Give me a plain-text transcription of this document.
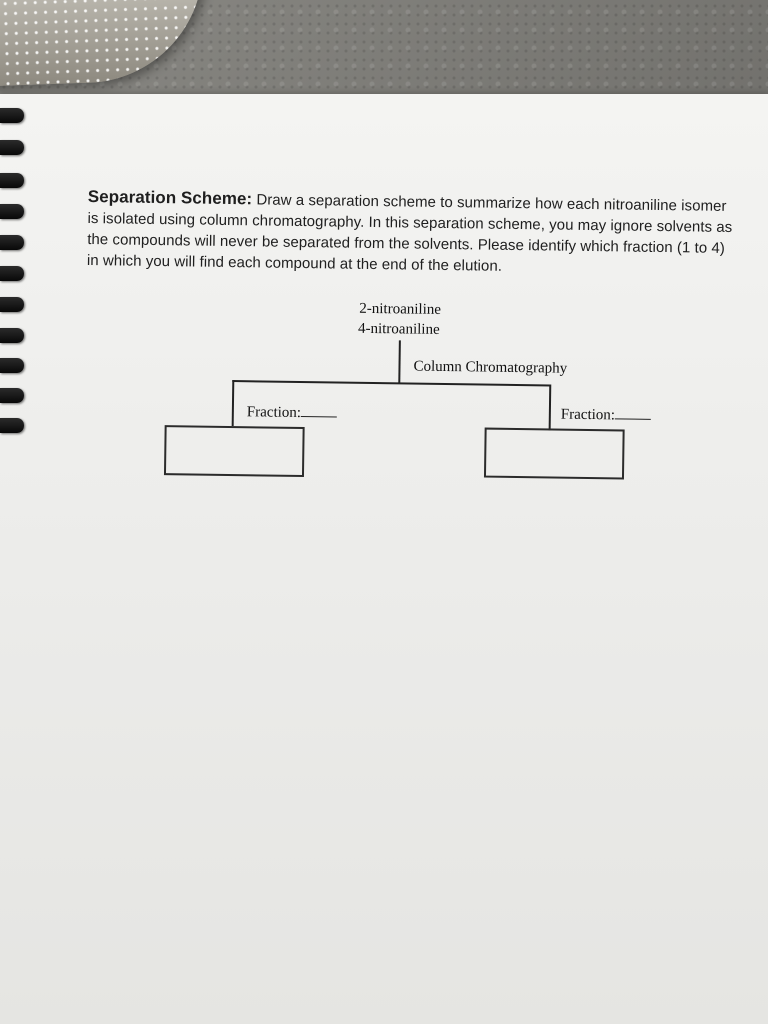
Separation Scheme: Draw a separation scheme to summarize how each nitroaniline isomer is isolated using column chromatography. In this separation scheme, you may ignore solvents as the compounds will never be separated from the solvents. Please identify which fraction (1 to 4) in which you will find each compound at the end of the elution.

2-nitroaniline
4-nitroaniline
Column Chromatography
Fraction:	Fraction:
